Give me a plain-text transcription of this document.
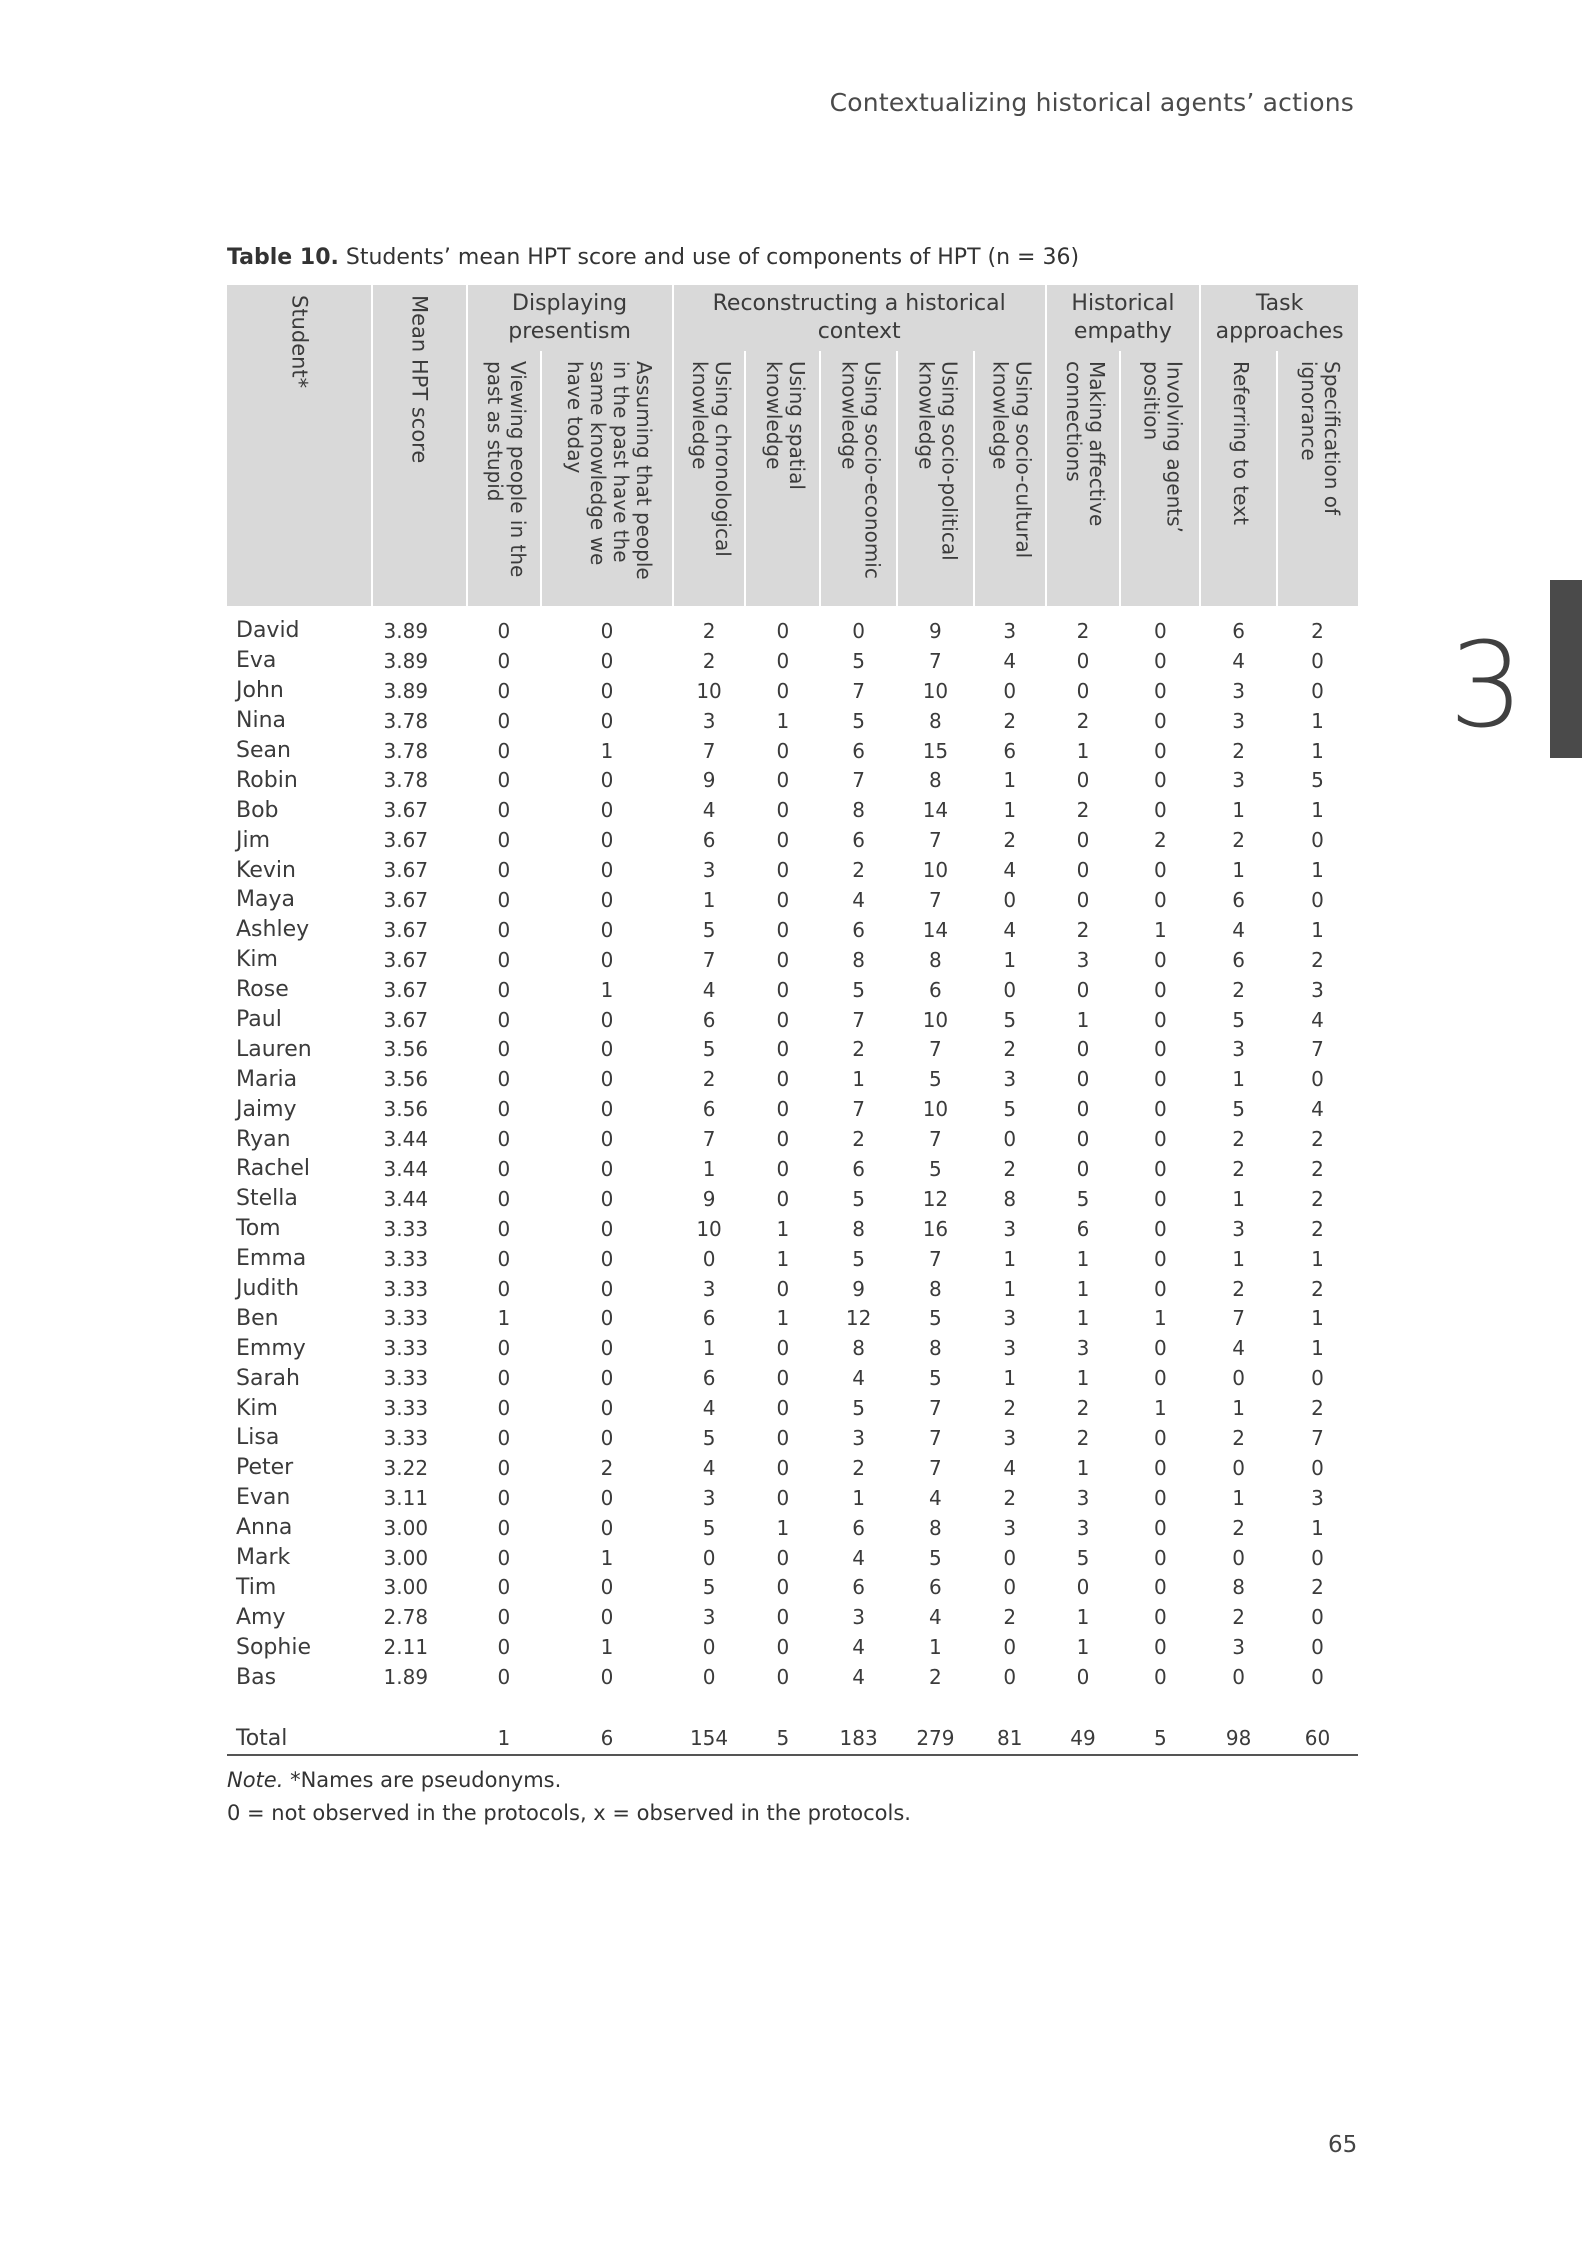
Contextualizing historical agents’ actions
3
Table 10. Students’ mean HPT score and use of components of HPT (n = 36)
Student*	Mean HPT score	Displaying presentism		Reconstructing a historical context					Historical empathy		Task approaches	
		Viewing people in the past as stupid	Assuming that people in the past have the same knowledge we have today	Using chronological knowledge	Using spatial knowledge	Using socio-economic knowledge	Using socio-political knowledge	Using socio-cultural knowledge	Making affective connections	Involving agents’ position	Referring to text	Specification of ignorance
David	3.89	0	0	2	0	0	9	3	2	0	6	2
Eva	3.89	0	0	2	0	5	7	4	0	0	4	0
John	3.89	0	0	10	0	7	10	0	0	0	3	0
Nina	3.78	0	0	3	1	5	8	2	2	0	3	1
Sean	3.78	0	1	7	0	6	15	6	1	0	2	1
Robin	3.78	0	0	9	0	7	8	1	0	0	3	5
Bob	3.67	0	0	4	0	8	14	1	2	0	1	1
Jim	3.67	0	0	6	0	6	7	2	0	2	2	0
Kevin	3.67	0	0	3	0	2	10	4	0	0	1	1
Maya	3.67	0	0	1	0	4	7	0	0	0	6	0
Ashley	3.67	0	0	5	0	6	14	4	2	1	4	1
Kim	3.67	0	0	7	0	8	8	1	3	0	6	2
Rose	3.67	0	1	4	0	5	6	0	0	0	2	3
Paul	3.67	0	0	6	0	7	10	5	1	0	5	4
Lauren	3.56	0	0	5	0	2	7	2	0	0	3	7
Maria	3.56	0	0	2	0	1	5	3	0	0	1	0
Jaimy	3.56	0	0	6	0	7	10	5	0	0	5	4
Ryan	3.44	0	0	7	0	2	7	0	0	0	2	2
Rachel	3.44	0	0	1	0	6	5	2	0	0	2	2
Stella	3.44	0	0	9	0	5	12	8	5	0	1	2
Tom	3.33	0	0	10	1	8	16	3	6	0	3	2
Emma	3.33	0	0	0	1	5	7	1	1	0	1	1
Judith	3.33	0	0	3	0	9	8	1	1	0	2	2
Ben	3.33	1	0	6	1	12	5	3	1	1	7	1
Emmy	3.33	0	0	1	0	8	8	3	3	0	4	1
Sarah	3.33	0	0	6	0	4	5	1	1	0	0	0
Kim	3.33	0	0	4	0	5	7	2	2	1	1	2
Lisa	3.33	0	0	5	0	3	7	3	2	0	2	7
Peter	3.22	0	2	4	0	2	7	4	1	0	0	0
Evan	3.11	0	0	3	0	1	4	2	3	0	1	3
Anna	3.00	0	0	5	1	6	8	3	3	0	2	1
Mark	3.00	0	1	0	0	4	5	0	5	0	0	0
Tim	3.00	0	0	5	0	6	6	0	0	0	8	2
Amy	2.78	0	0	3	0	3	4	2	1	0	2	0
Sophie	2.11	0	1	0	0	4	1	0	1	0	3	0
Bas	1.89	0	0	0	0	4	2	0	0	0	0	0

Total		1	6	154	5	183	279	81	49	5	98	60
Note. *Names are pseudonyms.
0 = not observed in the protocols, x = observed in the protocols.
65
